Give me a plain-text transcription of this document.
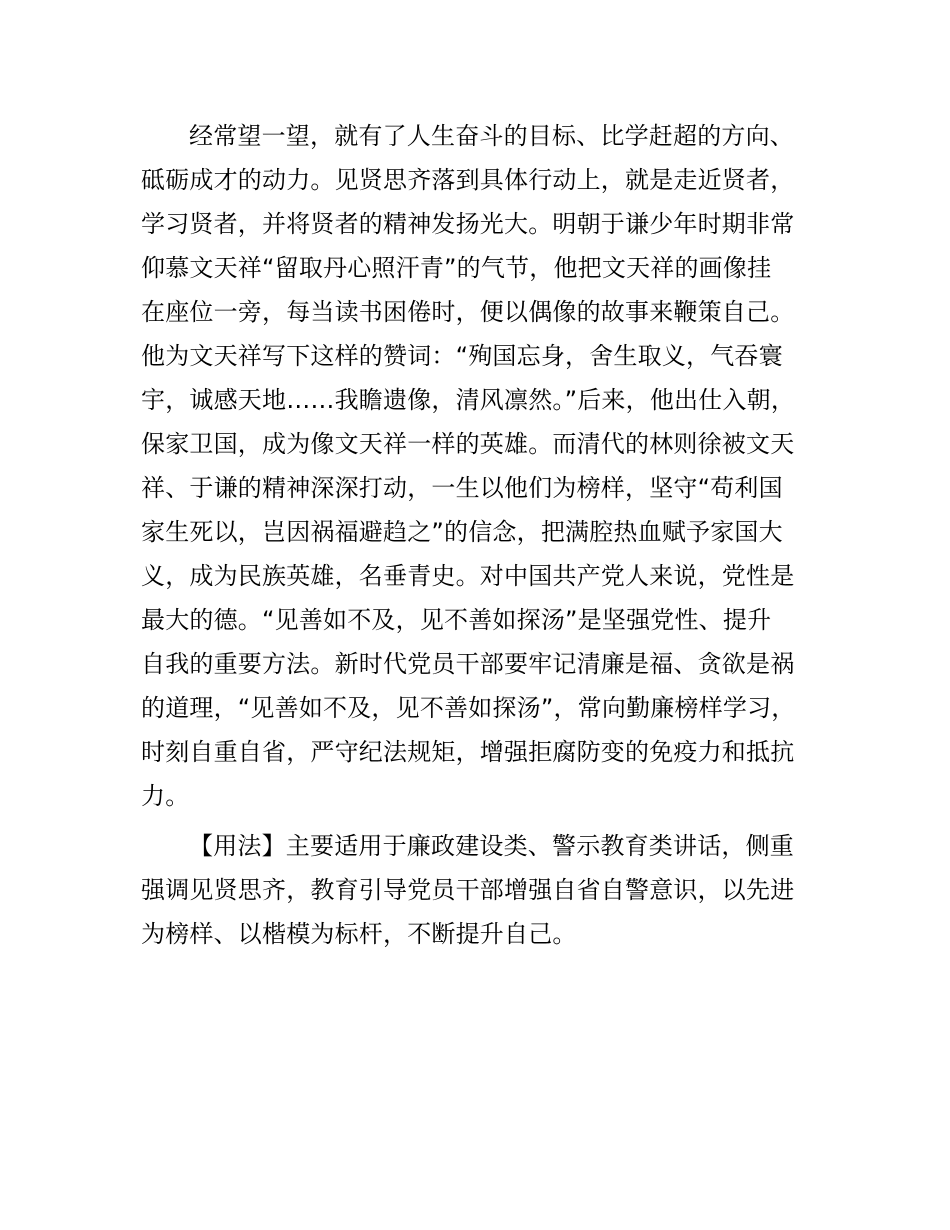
经常望一望，就有了人生奋斗的目标、比学赶超的方向、
砥砺成才的动力。见贤思齐落到具体行动上，就是走近贤者，
学习贤者，并将贤者的精神发扬光大。明朝于谦少年时期非常
仰慕文天祥“留取丹心照汗青”的气节，他把文天祥的画像挂
在座位一旁，每当读书困倦时，便以偶像的故事来鞭策自己。
他为文天祥写下这样的赞词：“殉国忘身，舍生取义，气吞寰
宇，诚感天地……我瞻遗像，清风凛然。”后来，他出仕入朝，
保家卫国，成为像文天祥一样的英雄。而清代的林则徐被文天
祥、于谦的精神深深打动，一生以他们为榜样，坚守“苟利国
家生死以，岂因祸福避趋之”的信念，把满腔热血赋予家国大
义，成为民族英雄，名垂青史。对中国共产党人来说，党性是
最大的德。“见善如不及，见不善如探汤”是坚强党性、提升
自我的重要方法。新时代党员干部要牢记清廉是福、贪欲是祸
的道理，“见善如不及，见不善如探汤”，常向勤廉榜样学习，
时刻自重自省，严守纪法规矩，增强拒腐防变的免疫力和抵抗
力。
【用法】主要适用于廉政建设类、警示教育类讲话，侧重
强调见贤思齐，教育引导党员干部增强自省自警意识，以先进
为榜样、以楷模为标杆，不断提升自己。
